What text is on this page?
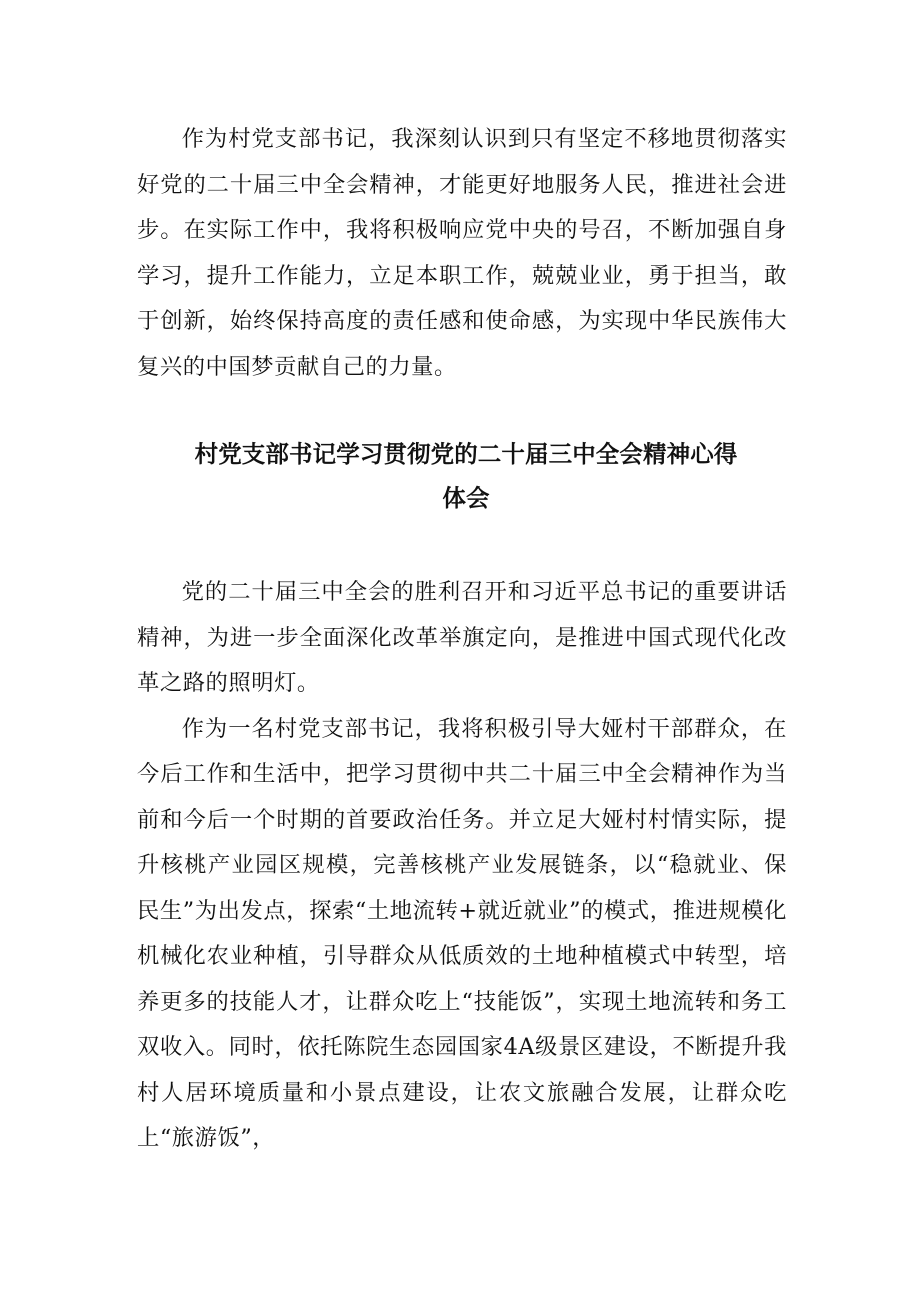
作为村党支部书记，我深刻认识到只有坚定不移地贯彻落实好党的二十届三中全会精神，才能更好地服务人民，推进社会进步。在实际工作中，我将积极响应党中央的号召，不断加强自身学习，提升工作能力，立足本职工作，兢兢业业，勇于担当，敢于创新，始终保持高度的责任感和使命感，为实现中华民族伟大复兴的中国梦贡献自己的力量。

村党支部书记学习贯彻党的二十届三中全会精神心得
体会

党的二十届三中全会的胜利召开和习近平总书记的重要讲话精神，为进一步全面深化改革举旗定向，是推进中国式现代化改革之路的照明灯。

作为一名村党支部书记，我将积极引导大娅村干部群众，在今后工作和生活中，把学习贯彻中共二十届三中全会精神作为当前和今后一个时期的首要政治任务。并立足大娅村村情实际，提升核桃产业园区规模，完善核桃产业发展链条，以“稳就业、保民生”为出发点，探索“土地流转+就近就业”的模式，推进规模化机械化农业种植，引导群众从低质效的土地种植模式中转型，培养更多的技能人才，让群众吃上“技能饭”，实现土地流转和务工双收入。同时，依托陈院生态园国家4A级景区建设，不断提升我村人居环境质量和小景点建设，让农文旅融合发展，让群众吃上“旅游饭”，
